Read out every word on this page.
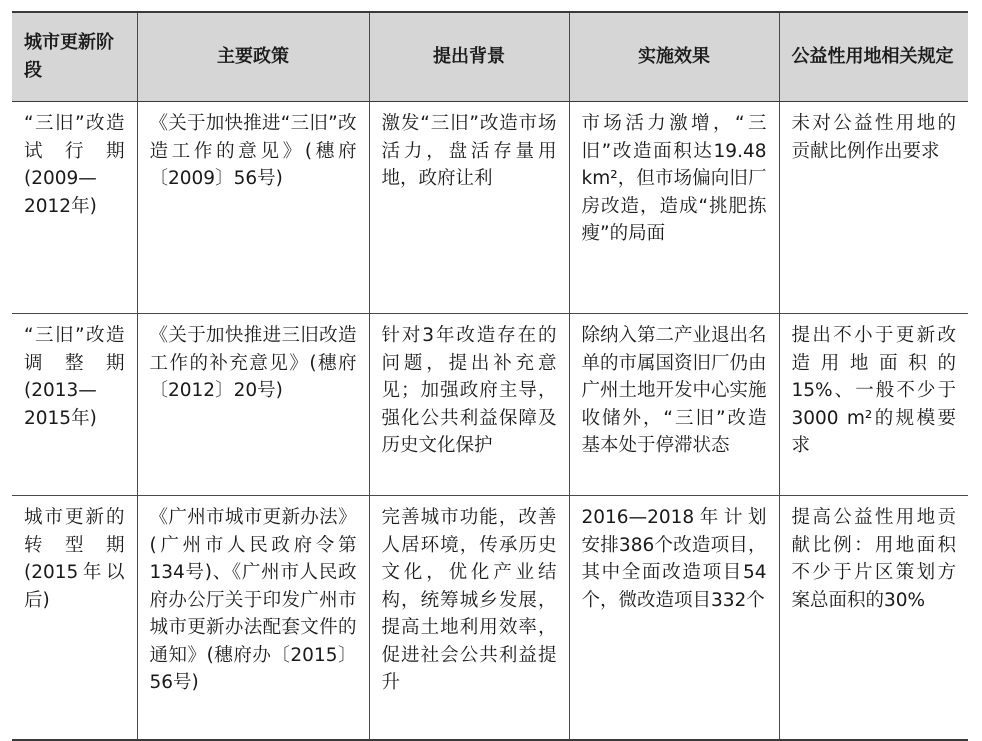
城市更新阶段	主要政策	提出背景	实施效果	公益性用地相关规定

“三旧”改造试行期(2009—2012年)	《关于加快推进“三旧”改造工作的意见》(穗府〔2009〕56号)	激发“三旧”改造市场活力，盘活存量用地，政府让利	市场活力激增，“三旧”改造面积达19.48 km²，但市场偏向旧厂房改造，造成“挑肥拣瘦”的局面	未对公益性用地的贡献比例作出要求

“三旧”改造调整期(2013—2015年)	《关于加快推进三旧改造工作的补充意见》(穗府〔2012〕20号)	针对3年改造存在的问题，提出补充意见；加强政府主导，强化公共利益保障及历史文化保护	除纳入第二产业退出名单的市属国资旧厂仍由广州土地开发中心实施收储外，“三旧”改造基本处于停滞状态	提出不小于更新改造用地面积的15%、一般不少于3000 m²的规模要求

城市更新的转型期(2015年以后)	《广州市城市更新办法》(广州市人民政府令第134号)、《广州市人民政府办公厅关于印发广州市城市更新办法配套文件的通知》(穗府办〔2015〕56号)	完善城市功能，改善人居环境，传承历史文化，优化产业结构，统筹城乡发展，提高土地利用效率，促进社会公共利益提升	2016—2018年计划安排386个改造项目，其中全面改造项目54个，微改造项目332个	提高公益性用地贡献比例：用地面积不少于片区策划方案总面积的30%
